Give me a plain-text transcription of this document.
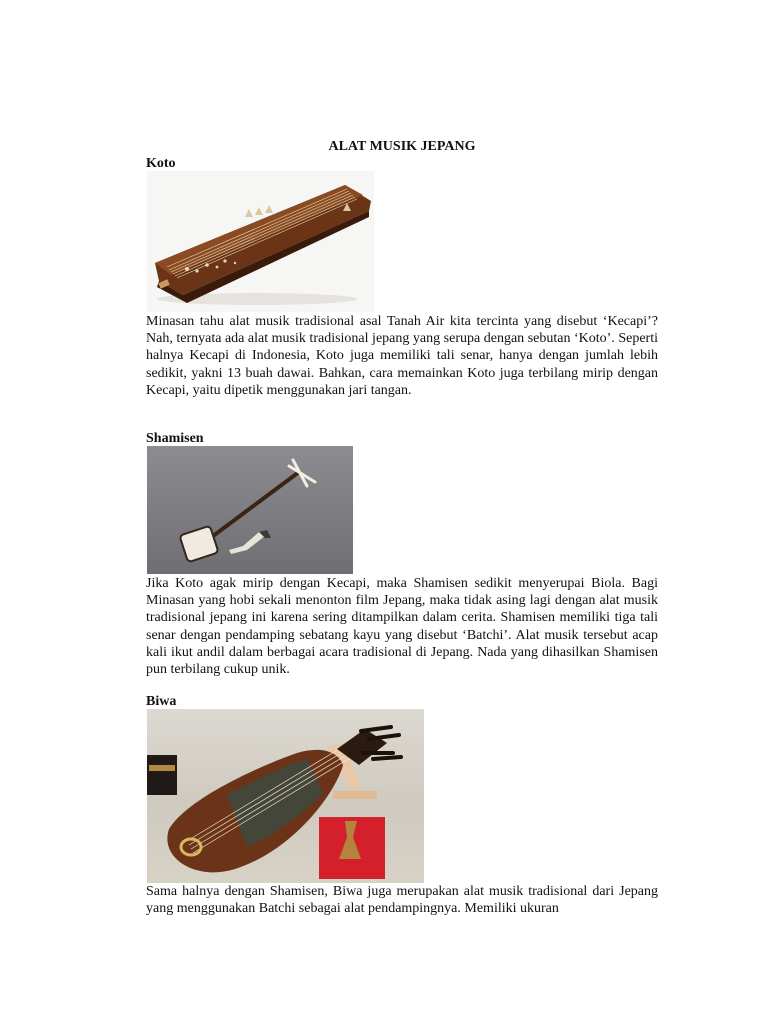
ALAT MUSIK JEPANG
Koto

Minasan tahu alat musik tradisional asal Tanah Air kita tercinta yang disebut ‘Kecapi’? Nah, ternyata ada alat musik tradisional jepang yang serupa dengan sebutan ‘Koto’. Seperti halnya Kecapi di Indonesia, Koto juga memiliki tali senar, hanya dengan jumlah lebih sedikit, yakni 13 buah dawai. Bahkan, cara memainkan Koto juga terbilang mirip dengan Kecapi, yaitu dipetik menggunakan jari tangan.

Shamisen

Jika Koto agak mirip dengan Kecapi, maka Shamisen sedikit menyerupai Biola. Bagi Minasan yang hobi sekali menonton film Jepang, maka tidak asing lagi dengan alat musik tradisional jepang ini karena sering ditampilkan dalam cerita. Shamisen memiliki tiga tali senar dengan pendamping sebatang kayu yang disebut ‘Batchi’. Alat musik tersebut acap kali ikut andil dalam berbagai acara tradisional di Jepang. Nada yang dihasilkan Shamisen pun terbilang cukup unik.

Biwa

Sama halnya dengan Shamisen, Biwa juga merupakan alat musik tradisional dari Jepang yang menggunakan Batchi sebagai alat pendampingnya. Memiliki ukuran
